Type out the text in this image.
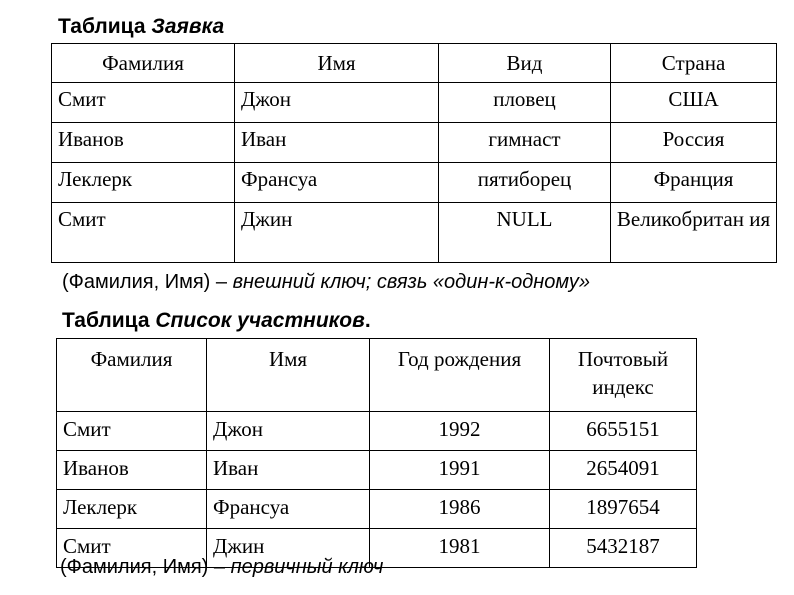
Таблица Заявка
Фамилия	Имя	Вид	Страна
Смит	Джон	пловец	США
Иванов	Иван	гимнаст	Россия
Леклерк	Франсуа	пятиборец	Франция
Смит	Джин	NULL	Великобритан ия
(Фамилия, Имя) – внешний ключ; связь «один-к-одному»
Таблица Список участников.
Фамилия	Имя	Год рождения	Почтовый индекс
Смит	Джон	1992	6655151
Иванов	Иван	1991	2654091
Леклерк	Франсуа	1986	1897654
Смит	Джин	1981	5432187
(Фамилия, Имя) – первичный ключ
